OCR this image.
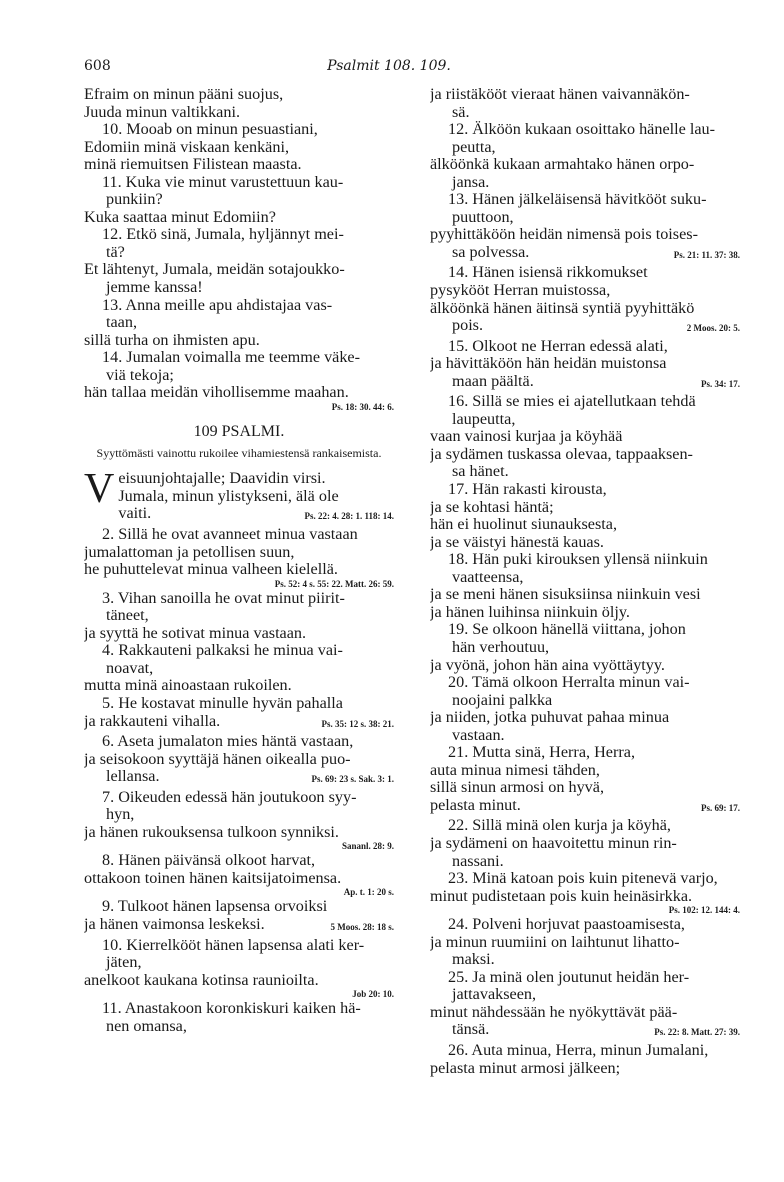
608	Psalmit 108. 109.
Efraim on minun pääni suojus,
Juuda minun valtikkani.
10. Mooab on minun pesuastiani,
Edomiin minä viskaan kenkäni,
minä riemuitsen Filistean maasta.
11. Kuka vie minut varustettuun kau-
punkiin?
Kuka saattaa minut Edomiin?
12. Etkö sinä, Jumala, hyljännyt mei-
tä?
Et lähtenyt, Jumala, meidän sotajoukko-
jemme kanssa!
13. Anna meille apu ahdistajaa vas-
taan,
sillä turha on ihmisten apu.
14. Jumalan voimalla me teemme väke-
viä tekoja;
hän tallaa meidän vihollisemme maahan.
Ps. 18: 30. 44: 6.
109 PSALMI.
Syyttömästi vainottu rukoilee vihamiestensä rankaisemista.
V eisuunjohtajalle; Daavidin virsi.
Jumala, minun ylistykseni, älä ole
vaiti.	Ps. 22: 4. 28: 1. 118: 14.
2. Sillä he ovat avanneet minua vastaan
jumalattoman ja petollisen suun,
he puhuttelevat minua valheen kielellä.
Ps. 52: 4 s. 55: 22. Matt. 26: 59.
3. Vihan sanoilla he ovat minut piirit-
täneet,
ja syyttä he sotivat minua vastaan.
4. Rakkauteni palkaksi he minua vai-
noavat,
mutta minä ainoastaan rukoilen.
5. He kostavat minulle hyvän pahalla
ja rakkauteni vihalla.	Ps. 35: 12 s. 38: 21.
6. Aseta jumalaton mies häntä vastaan,
ja seisokoon syyttäjä hänen oikealla puo-
lellansa.	Ps. 69: 23 s. Sak. 3: 1.
7. Oikeuden edessä hän joutukoon syy-
hyn,
ja hänen rukouksensa tulkoon synniksi.
Sananl. 28: 9.
8. Hänen päivänsä olkoot harvat,
ottakoon toinen hänen kaitsijatoimensa.
Ap. t. 1: 20 s.
9. Tulkoot hänen lapsensa orvoiksi
ja hänen vaimonsa leskeksi.	5 Moos. 28: 18 s.
10. Kierrelkööt hänen lapsensa alati ker-
jäten,
anelkoot kaukana kotinsa raunioilta.
Job 20: 10.
11. Anastakoon koronkiskuri kaiken hä-
nen omansa,
ja riistäkööt vieraat hänen vaivannäkön-
sä.
12. Älköön kukaan osoittako hänelle lau-
peutta,
älköönkä kukaan armahtako hänen orpo-
jansa.
13. Hänen jälkeläisensä hävitkööt suku-
puuttoon,
pyyhittäköön heidän nimensä pois toises-
sa polvessa.	Ps. 21: 11. 37: 38.
14. Hänen isiensä rikkomukset
pysykööt Herran muistossa,
älköönkä hänen äitinsä syntiä pyyhittäkö
pois.	2 Moos. 20: 5.
15. Olkoot ne Herran edessä alati,
ja hävittäköön hän heidän muistonsa
maan päältä.	Ps. 34: 17.
16. Sillä se mies ei ajatellutkaan tehdä
laupeutta,
vaan vainosi kurjaa ja köyhää
ja sydämen tuskassa olevaa, tappaaksen-
sa hänet.
17. Hän rakasti kirousta,
ja se kohtasi häntä;
hän ei huolinut siunauksesta,
ja se väistyi hänestä kauas.
18. Hän puki kirouksen yllensä niinkuin
vaatteensa,
ja se meni hänen sisuksiinsa niinkuin vesi
ja hänen luihinsa niinkuin öljy.
19. Se olkoon hänellä viittana, johon
hän verhoutuu,
ja vyönä, johon hän aina vyöttäytyy.
20. Tämä olkoon Herralta minun vai-
noojaini palkka
ja niiden, jotka puhuvat pahaa minua
vastaan.
21. Mutta sinä, Herra, Herra,
auta minua nimesi tähden,
sillä sinun armosi on hyvä,
pelasta minut.	Ps. 69: 17.
22. Sillä minä olen kurja ja köyhä,
ja sydämeni on haavoitettu minun rin-
nassani.
23. Minä katoan pois kuin pitenevä varjo,
minut pudistetaan pois kuin heinäsirkka.
Ps. 102: 12. 144: 4.
24. Polveni horjuvat paastoamisesta,
ja minun ruumiini on laihtunut lihatto-
maksi.
25. Ja minä olen joutunut heidän her-
jattavakseen,
minut nähdessään he nyökyttävät pää-
tänsä.	Ps. 22: 8. Matt. 27: 39.
26. Auta minua, Herra, minun Jumalani,
pelasta minut armosi jälkeen;
